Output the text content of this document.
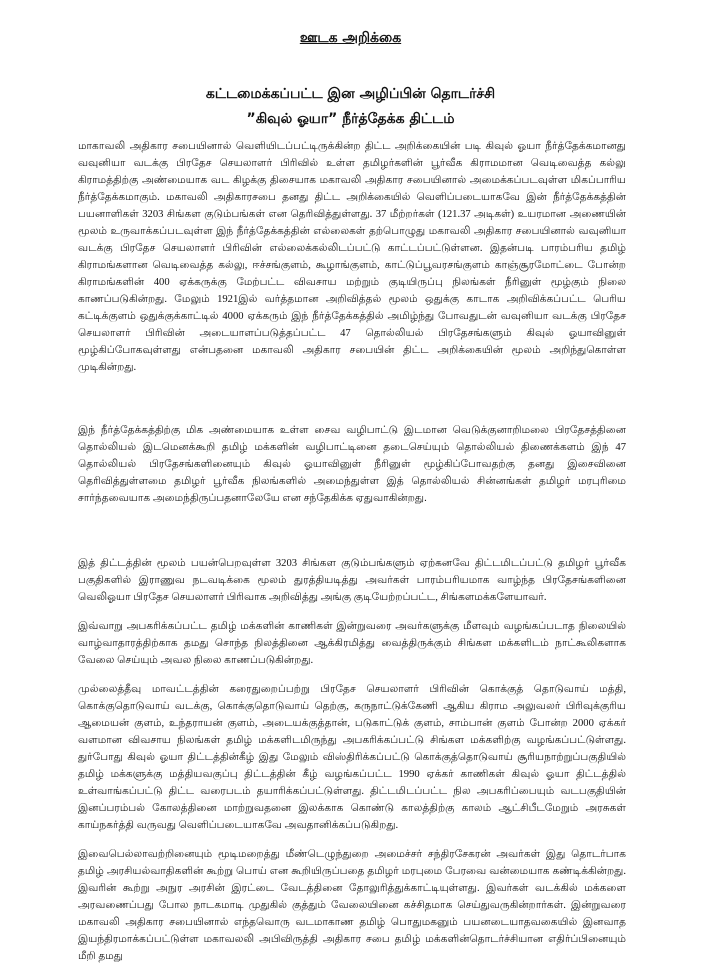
ஊடக அறிக்கை
கட்டமைக்கப்பட்ட இன அழிப்பின் தொடர்ச்சி
”கிவுல் ஓயா” நீர்த்தேக்க திட்டம்

மாகாவலி அதிகார சபையினால் வெளியிடப்பட்டிருக்கின்ற திட்ட அறிக்கையின் படி கிவுல் ஓயா நீர்த்தேக்கமானது வவுனியா வடக்கு பிரதேச செயலாளர் பிரிவில் உள்ள தமிழர்களின் பூர்வீக கிராமமான வெடிவைத்த கல்லு கிராமத்திற்கு அண்மையாக வட கிழக்கு திசையாக மகாவலி அதிகார சபையினால் அமைக்கப்படவுள்ள மிகப்பாரிய நீர்த்தேக்கமாகும். மகாவலி அதிகாரசபை தனது திட்ட அறிக்கையில் வெளிப்படையாகவே இன் நீர்த்தேக்கத்தின் பயனாளிகள் 3203 சிங்கள குடும்பங்கள் என தெரிவித்துள்ளது. 37 மீற்றர்கள் (121.37 அடிகள்) உயரமான அணையின் மூலம் உருவாக்கப்படவுள்ள இந் நீர்த்தேக்கத்தின் எல்லைகள் தற்பொழுது மகாவலி அதிகார சபையினால் வவுனியா வடக்கு பிரதேச செயலாளர் பிரிவின் எல்லைக்கல்லிடப்பட்டு காட்டப்பட்டுள்ளன. இதன்படி பாரம்பரிய தமிழ் கிராமங்களான வெடிவைத்த கல்லு, ஈச்சங்குளம், கூழாங்குளம், காட்டுப்பூவரசங்குளம் காஞ்சூரமோட்டை போன்ற கிராமங்களின் 400 ஏக்கருக்கு மேற்பட்ட விவசாய மற்றும் குடியிருப்பு நிலங்கள் நீரினுள் மூழ்கும் நிலை காணப்படுகின்றது. மேலும் 1921இல் வர்த்தமான அறிவித்தல் மூலம் ஒதுக்கு காடாக அறிவிக்கப்பட்ட பெரிய கட்டிக்குளம் ஒதுக்குக்காட்டில் 4000 ஏக்கரும் இந் நீர்த்தேக்கத்தில் அமிழ்ந்து போவதுடன் வவுனியா வடக்கு பிரதேச செயலாளர் பிரிவின் அடையாளப்படுத்தப்பட்ட 47 தொல்லியல் பிரதேசங்களும் கிவுல் ஓயாவினுள் மூழ்கிப்போகவுள்ளது என்பதனை மகாவலி அதிகார சபையின் திட்ட அறிக்கையின் மூலம் அறிந்துகொள்ள முடிகின்றது.

இந் நீர்த்தேக்கத்திற்கு மிக அண்மையாக உள்ள சைவ வழிபாட்டு இடமான வெடுக்குனாறிமலை பிரதேசத்தினை தொல்லியல் இடமெனக்கூறி தமிழ் மக்களின் வழிபாட்டினை தடைசெய்யும் தொல்லியல் திணைக்களம் இந் 47 தொல்லியல் பிரதேசங்களினையும் கிவுல் ஓயாவினுள் நீரினுள் மூழ்கிப்போவதற்கு தனது இசைவினை தெரிவித்துள்ளமை தமிழர் பூர்வீக நிலங்களில் அமைந்துள்ள இத் தொல்லியல் சின்னங்கள் தமிழர் மரபுரிமை சார்ந்தவையாக அமைந்திருப்பதனாலேயே என சந்தேகிக்க ஏதுவாகின்றது.

இத் திட்டத்தின் மூலம் பயன்பெறவுள்ள 3203 சிங்கள குடும்பங்களும் ஏற்கனவே திட்டமிடப்பட்டு தமிழர் பூர்வீக பகுதிகளில் இராணுவ நடவடிக்கை மூலம் துரத்தியடித்து அவர்கள் பாரம்பரியமாக வாழ்ந்த பிரதேசங்களினை வெலிஓயா பிரதேச செயலாளர் பிரிவாக அறிவித்து அங்கு குடியேற்றப்பட்ட, சிங்களமக்களேயாவர்.

இவ்வாறு அபகரிக்கப்பட்ட தமிழ் மக்களின் காணிகள் இன்றுவரை அவர்களுக்கு மீளவும் வழங்கப்படாத நிலையில் வாழ்வாதாரத்திற்காக தமது சொந்த நிலத்தினை ஆக்கிரமித்து வைத்திருக்கும் சிங்கள மக்களிடம் நாட்கூலிகளாக வேலை செய்யும் அவல நிலை காணப்படுகின்றது.

முல்லைத்தீவு மாவட்டத்தின் கரைதுறைப்பற்று பிரதேச செயலாளர் பிரிவின் கொக்குத் தொடுவாய் மத்தி, கொக்குதொடுவாய் வடக்கு, கொக்குதொடுவாய் தெற்கு, கருநாட்டுக்கேணி ஆகிய கிராம அலுவலர் பிரிவுக்குரிய ஆமையன் குளம், உந்தராயன் குளம், அடையக்குத்தான், படுகாட்டுக் குளம், சாம்பான் குளம் போன்ற 2000 ஏக்கர் வளமான விவசாய நிலங்கள் தமிழ் மக்களிடமிருந்து அபகரிக்கப்பட்டு சிங்கள மக்களிற்கு வழங்கப்பட்டுள்ளது. துர்போது கிவுல் ஓயா திட்டத்தின்கீழ் இது மேலும் விஸ்திரிக்கப்பட்டு கொக்குத்தொடுவாய் சூரியநாற்றுப்பகுதியில் தமிழ் மக்களுக்கு மத்தியவகுப்பு திட்டத்தின் கீழ் வழங்கப்பட்ட 1990 ஏக்கர் காணிகள் கிவுல் ஓயா திட்டத்தில் உள்வாங்கப்பட்டு திட்ட வரைபடம் தயாரிக்கப்பட்டுள்ளது. திட்டமிடப்பட்ட நில அபகரிப்பையும் வடபகுதியின் இனப்பரம்பல் கோலத்தினை மாற்றுவதனை இலக்காக கொண்டு காலத்திற்கு காலம் ஆட்சிபீடமேறும் அரசுகள் காய்நகர்த்தி வருவது வெளிப்படையாகவே அவதானிக்கப்படுகிறது.

இவைபெல்லாவற்றினையும் மூடிமறைத்து மீண்டெழுந்துறை அமைச்சர் சந்திரசேகரன் அவர்கள் இது தொடர்பாக தமிழ் அரசியல்வாதிகளின் கூற்று பொய் என கூறியிருப்பதை தமிழர் மரபுமை பேரவை வன்மையாக கண்டிக்கின்றது. இவரின் கூற்று அநுர அரசின் இரட்டை வேடத்தினை தோலுரித்துக்காட்டியுள்ளது. இவர்கள் வடக்கில் மக்களை அரவணைப்பது போல நாடகமாடி முதுகில் குத்தும் வேலையினை கச்சிதமாக செய்துவருகின்றார்கள். இன்றுவரை மகாவலி அதிகார சபையினால் எந்தவொரு வடமாகாண தமிழ் பொதுமகனும் பயனடையாதவகையில் இனவாத இயந்திரமாக்கப்பட்டுள்ள மகாவலலி அபிவிருத்தி அதிகார சபை தமிழ் மக்களின்தொடர்ச்சியான எதிர்ப்பினையும் மீறி தமது
